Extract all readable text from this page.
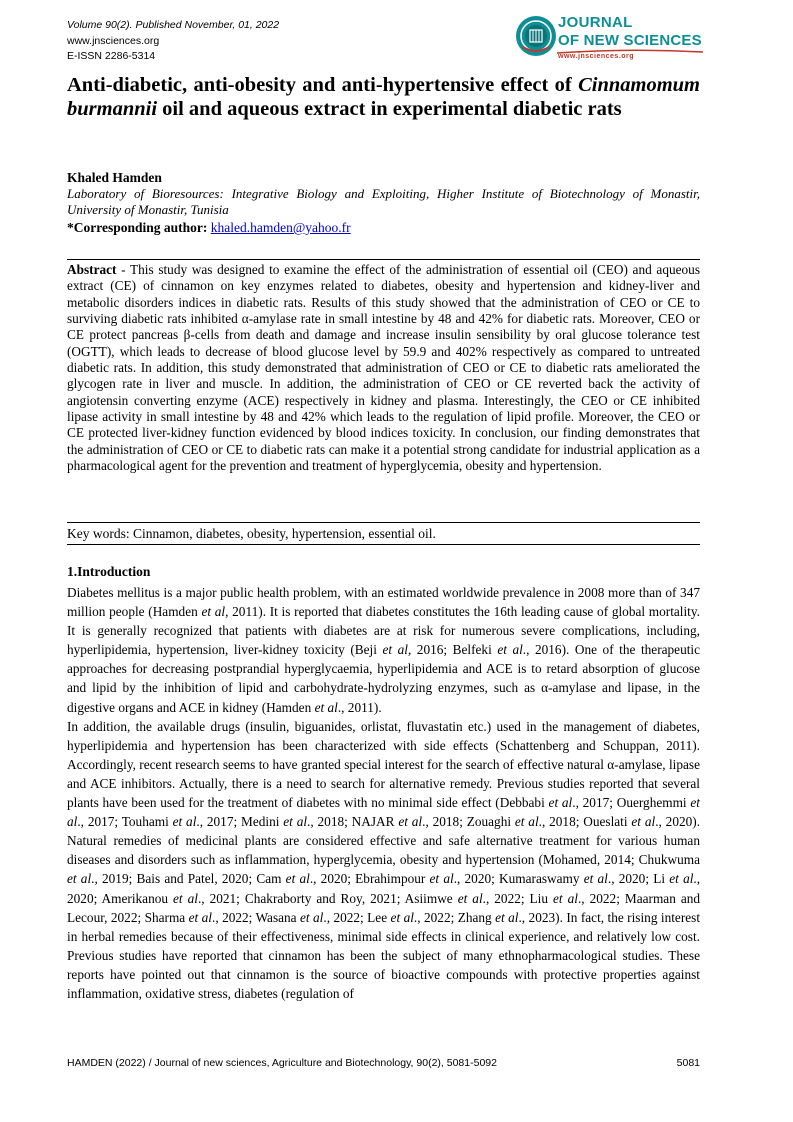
Volume 90(2). Published November, 01, 2022
www.jnsciences.org
E-ISSN 2286-5314
JOURNAL
OF NEW SCIENCES
www.jnsciences.org
Anti-diabetic, anti-obesity and anti-hypertensive effect of Cinnamomum burmannii oil and aqueous extract in experimental diabetic rats
Khaled Hamden
Laboratory of Bioresources: Integrative Biology and Exploiting, Higher Institute of Biotechnology of Monastir, University of Monastir, Tunisia
*Corresponding author: khaled.hamden@yahoo.fr
Abstract - This study was designed to examine the effect of the administration of essential oil (CEO) and aqueous extract (CE) of cinnamon on key enzymes related to diabetes, obesity and hypertension and kidney-liver and metabolic disorders indices in diabetic rats. Results of this study showed that the administration of CEO or CE to surviving diabetic rats inhibited α-amylase rate in small intestine by 48 and 42% for diabetic rats. Moreover, CEO or CE protect pancreas β-cells from death and damage and increase insulin sensibility by oral glucose tolerance test (OGTT), which leads to decrease of blood glucose level by 59.9 and 402% respectively as compared to untreated diabetic rats. In addition, this study demonstrated that administration of CEO or CE to diabetic rats ameliorated the glycogen rate in liver and muscle. In addition, the administration of CEO or CE reverted back the activity of angiotensin converting enzyme (ACE) respectively in kidney and plasma. Interestingly, the CEO or CE inhibited lipase activity in small intestine by 48 and 42% which leads to the regulation of lipid profile. Moreover, the CEO or CE protected liver-kidney function evidenced by blood indices toxicity. In conclusion, our finding demonstrates that the administration of CEO or CE to diabetic rats can make it a potential strong candidate for industrial application as a pharmacological agent for the prevention and treatment of hyperglycemia, obesity and hypertension.
Key words: Cinnamon, diabetes, obesity, hypertension, essential oil.
1.Introduction

Diabetes mellitus is a major public health problem, with an estimated worldwide prevalence in 2008 more than of 347 million people (Hamden et al, 2011). It is reported that diabetes constitutes the 16th leading cause of global mortality. It is generally recognized that patients with diabetes are at risk for numerous severe complications, including, hyperlipidemia, hypertension, liver-kidney toxicity (Beji et al, 2016; Belfeki et al., 2016). One of the therapeutic approaches for decreasing postprandial hyperglycaemia, hyperlipidemia and ACE is to retard absorption of glucose and lipid by the inhibition of lipid and carbohydrate-hydrolyzing enzymes, such as α-amylase and lipase, in the digestive organs and ACE in kidney (Hamden et al., 2011).

In addition, the available drugs (insulin, biguanides, orlistat, fluvastatin etc.) used in the management of diabetes, hyperlipidemia and hypertension has been characterized with side effects (Schattenberg and Schuppan, 2011). Accordingly, recent research seems to have granted special interest for the search of effective natural α-amylase, lipase and ACE inhibitors. Actually, there is a need to search for alternative remedy. Previous studies reported that several plants have been used for the treatment of diabetes with no minimal side effect (Debbabi et al., 2017; Ouerghemmi et al., 2017; Touhami et al., 2017; Medini et al., 2018; NAJAR et al., 2018; Zouaghi et al., 2018; Oueslati et al., 2020). Natural remedies of medicinal plants are considered effective and safe alternative treatment for various human diseases and disorders such as inflammation, hyperglycemia, obesity and hypertension (Mohamed, 2014; Chukwuma et al., 2019; Bais and Patel, 2020; Cam et al., 2020; Ebrahimpour et al., 2020; Kumaraswamy et al., 2020; Li et al., 2020; Amerikanou et al., 2021; Chakraborty and Roy, 2021; Asiimwe et al., 2022; Liu et al., 2022; Maarman and Lecour, 2022; Sharma et al., 2022; Wasana et al., 2022; Lee et al., 2022; Zhang et al., 2023). In fact, the rising interest in herbal remedies because of their effectiveness, minimal side effects in clinical experience, and relatively low cost. Previous studies have reported that cinnamon has been the subject of many ethnopharmacological studies. These reports have pointed out that cinnamon is the source of bioactive compounds with protective properties against inflammation, oxidative stress, diabetes (regulation of

HAMDEN (2022) / Journal of new sciences, Agriculture and Biotechnology, 90(2), 5081-5092	5081
